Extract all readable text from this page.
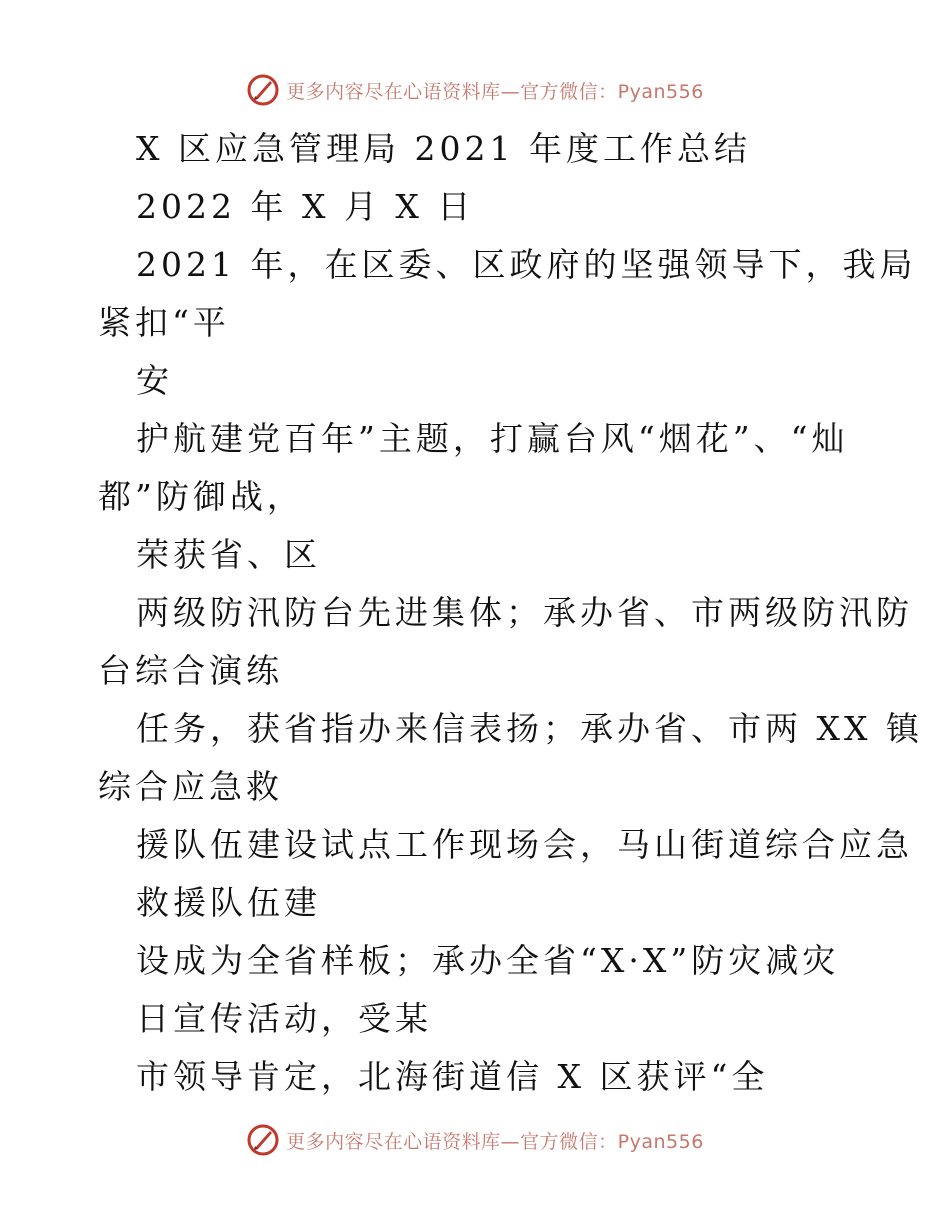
更多内容尽在心语资料库—官方微信：Pyan556
X 区应急管理局 2021 年度工作总结
2022 年 X 月 X 日
2021 年，在区委、区政府的坚强领导下，我局
紧扣“平
安
护航建党百年”主题，打赢台风“烟花”、“灿
都”防御战，
荣获省、区
两级防汛防台先进集体；承办省、市两级防汛防
台综合演练
任务，获省指办来信表扬；承办省、市两 XX 镇
综合应急救
援队伍建设试点工作现场会，马山街道综合应急
救援队伍建
设成为全省样板；承办全省“X·X”防灾减灾
日宣传活动，受某
市领导肯定，北海街道信 X 区获评“全
更多内容尽在心语资料库—官方微信：Pyan556
